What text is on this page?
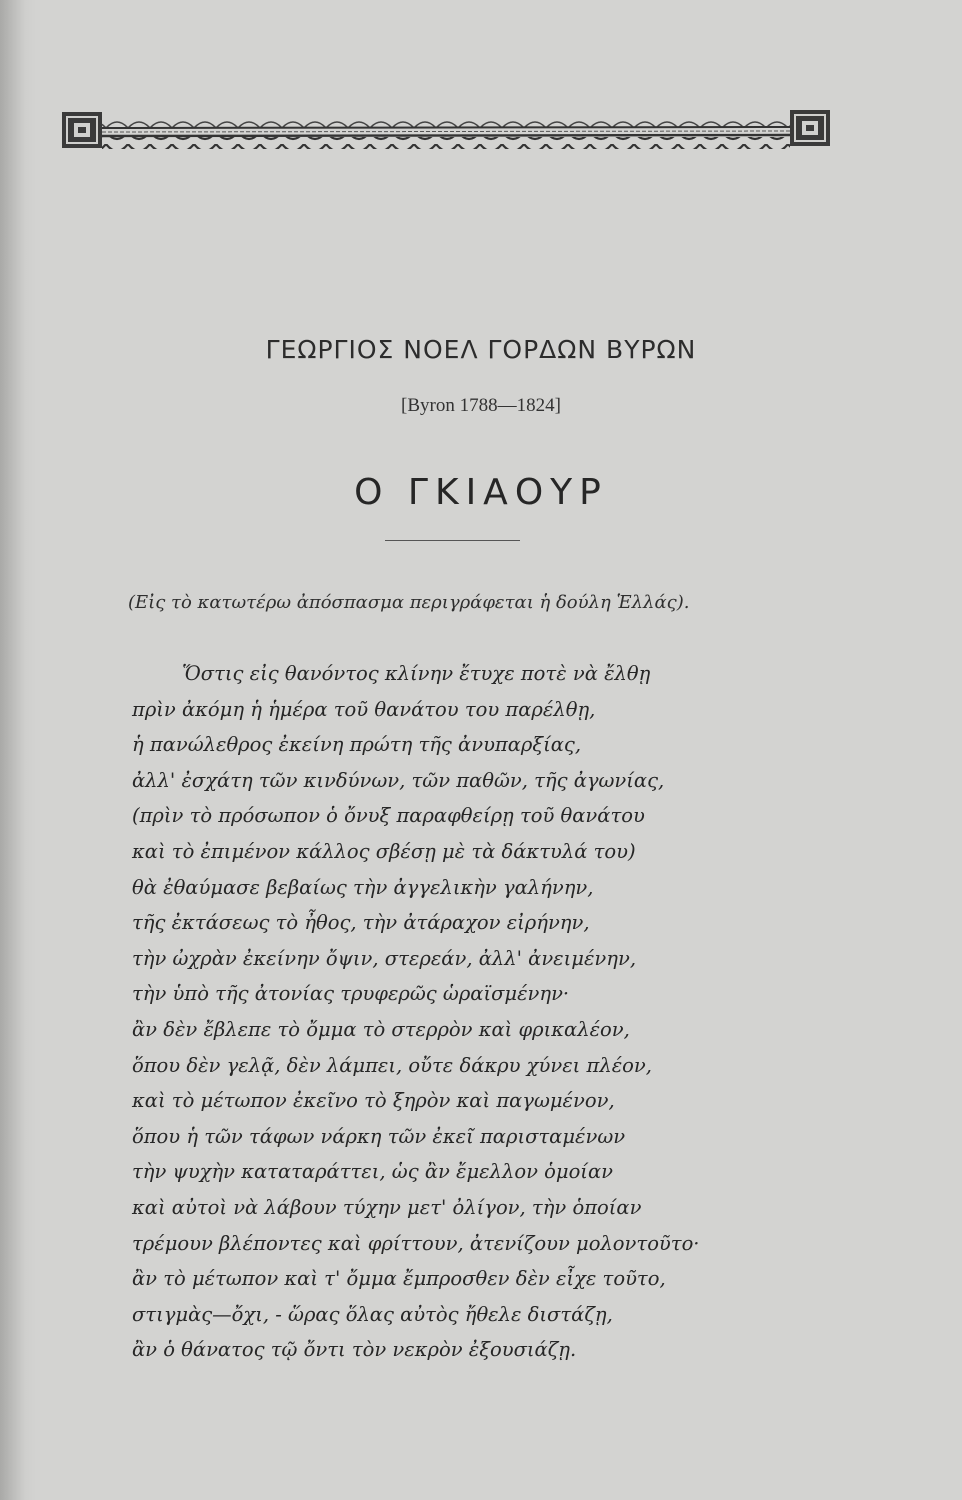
ΓΕΩΡΓΙΟΣ ΝΟΕΛ ΓΟΡΔΩΝ ΒΥΡΩΝ
[Byron 1788—1824]
Ο ΓΚΙΑΟΥΡ
(Εἰς τὸ κατωτέρω ἀπόσπασμα περιγράφεται ἡ δούλη Ἑλλάς).
Ὅστις εἰς θανόντος κλίνην ἔτυχε ποτὲ νὰ ἔλθῃ
πρὶν ἀκόμη ἡ ἡμέρα τοῦ θανάτου του παρέλθῃ,
ἡ πανώλεθρος ἐκείνη πρώτη τῆς ἀνυπαρξίας,
ἀλλ' ἐσχάτη τῶν κινδύνων, τῶν παθῶν, τῆς ἀγωνίας,
(πρὶν τὸ πρόσωπον ὁ ὄνυξ παραφθείρῃ τοῦ θανάτου
καὶ τὸ ἐπιμένον κάλλος σβέσῃ μὲ τὰ δάκτυλά του)
θὰ ἐθαύμασε βεβαίως τὴν ἀγγελικὴν γαλήνην,
τῆς ἐκτάσεως τὸ ἦθος, τὴν ἀτάραχον εἰρήνην,
τὴν ὠχρὰν ἐκείνην ὄψιν, στερεάν, ἀλλ' ἀνειμένην,
τὴν ὑπὸ τῆς ἀτονίας τρυφερῶς ὡραϊσμένην·
ἂν δὲν ἔβλεπε τὸ ὄμμα τὸ στερρὸν καὶ φρικαλέον,
ὅπου δὲν γελᾷ, δὲν λάμπει, οὔτε δάκρυ χύνει πλέον,
καὶ τὸ μέτωπον ἐκεῖνο τὸ ξηρὸν καὶ παγωμένον,
ὅπου ἡ τῶν τάφων νάρκη τῶν ἐκεῖ παρισταμένων
τὴν ψυχὴν καταταράττει, ὡς ἂν ἔμελλον ὁμοίαν
καὶ αὐτοὶ νὰ λάβουν τύχην μετ' ὀλίγον, τὴν ὁποίαν
τρέμουν βλέποντες καὶ φρίττουν, ἀτενίζουν μολοντοῦτο·
ἂν τὸ μέτωπον καὶ τ' ὄμμα ἔμπροσθεν δὲν εἶχε τοῦτο,
στιγμὰς—ὄχι, - ὥρας ὅλας αὐτὸς ἤθελε διστάζῃ,
ἂν ὁ θάνατος τῷ ὄντι τὸν νεκρὸν ἐξουσιάζῃ.
